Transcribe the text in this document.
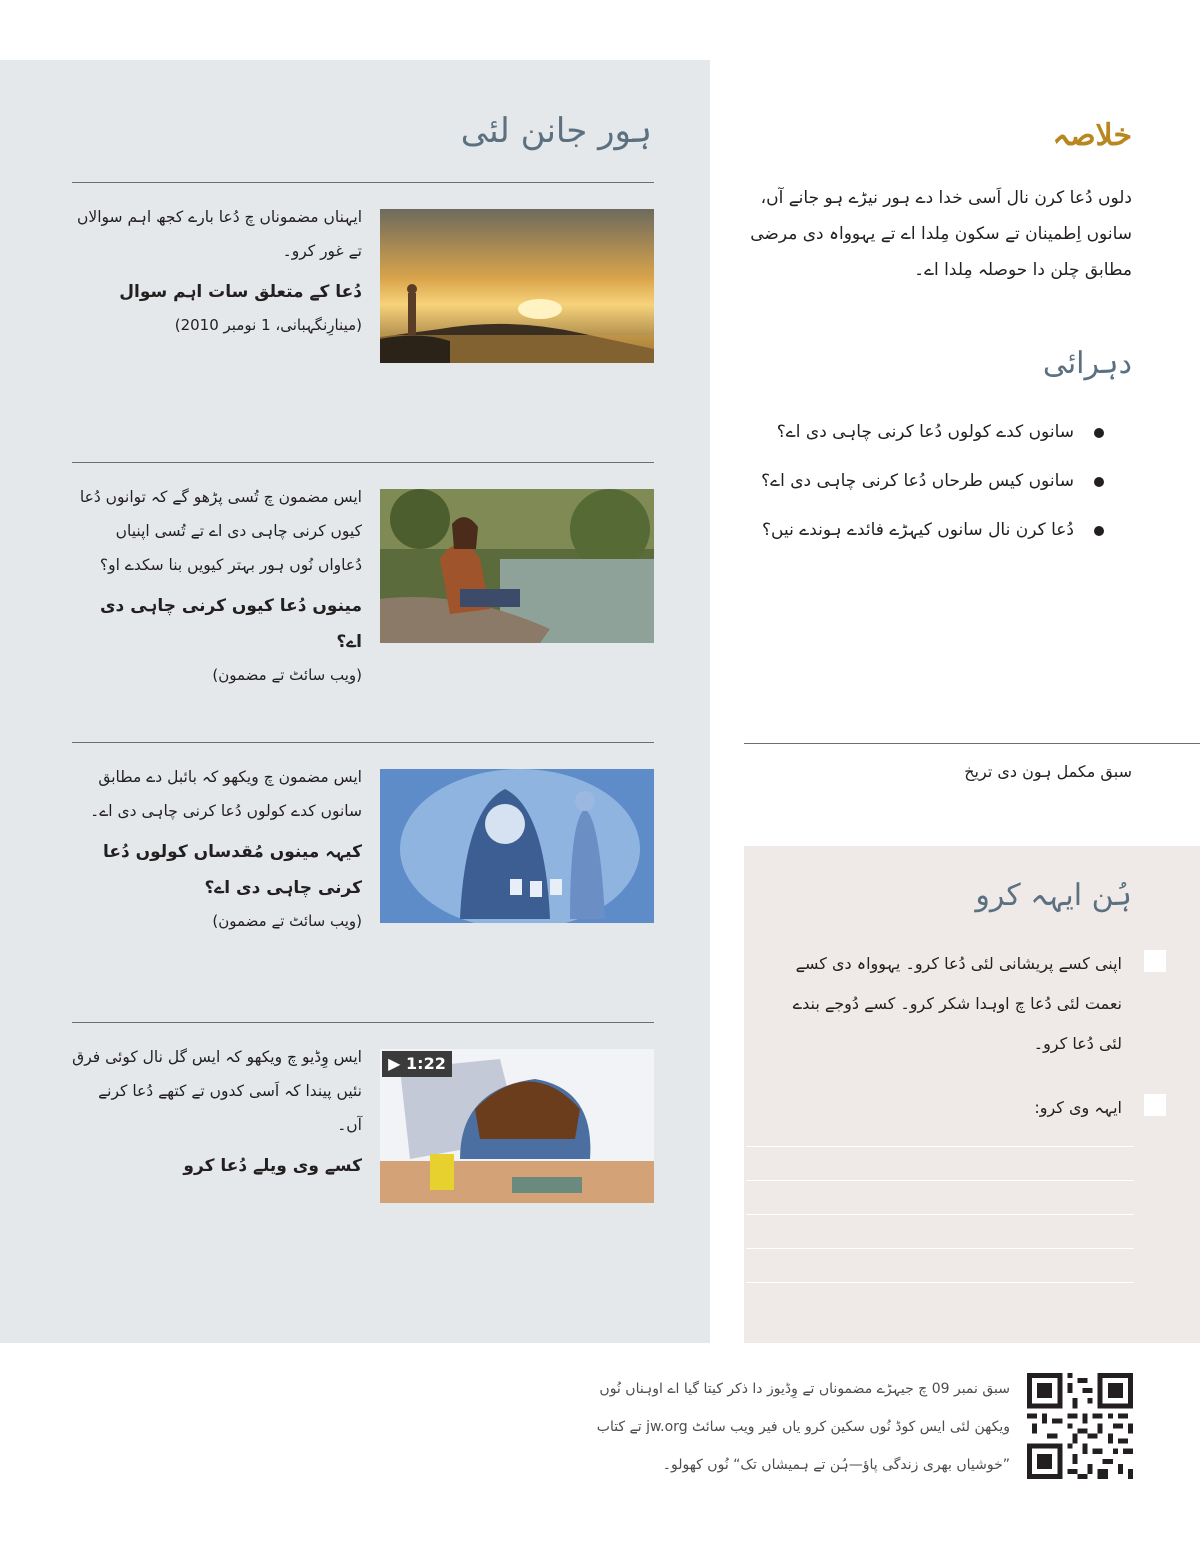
ہور جانن لئی

ایہناں مضموناں چ دُعا بارے کجھ اہم سوالاں تے غور کرو۔

دُعا کے متعلق سات اہم سوال

(مینارِنگہبانی، 1 نومبر 2010)

ایس مضمون چ تُسی پڑھو گے کہ توانوں دُعا کیوں کرنی چاہی دی اے تے تُسی اپنیاں دُعاواں نُوں ہور بہتر کیویں بنا سکدے او؟

مینوں دُعا کیوں کرنی چاہی دی اے؟

(ویب سائٹ تے مضمون)

ایس مضمون چ ویکھو کہ بائبل دے مطابق سانوں کدے کولوں دُعا کرنی چاہی دی اے۔

کیہہ مینوں مُقدساں کولوں دُعا کرنی چاہی دی اے؟

(ویب سائٹ تے مضمون)

▶ 1:22

ایس وِڈیو چ ویکھو کہ ایس گل نال کوئی فرق نئیں پیندا کہ اَسی کدوں تے کتھے دُعا کرنے آں۔

کسے وی ویلے دُعا کرو

خلاصہ

دلوں دُعا کرن نال اَسی خدا دے ہور نیڑے ہو جانے آں، سانوں اِطمینان تے سکون مِلدا اے تے یہوواہ دی مرضی مطابق چلن دا حوصلہ مِلدا اے۔

دہرائی
سانوں کدے کولوں دُعا کرنی چاہی دی اے؟
سانوں کیس طرحاں دُعا کرنی چاہی دی اے؟
دُعا کرن نال سانوں کیہڑے فائدے ہوندے نیں؟

سبق مکمل ہون دی تریخ

ہُن ایہہ کرو

اپنی کسے پریشانی لئی دُعا کرو۔ یہوواہ دی کسے نعمت لئی دُعا چ اوہدا شکر کرو۔ کسے دُوجے بندے لئی دُعا کرو۔

ایہہ وی کرو:

سبق نمبر 09 چ جیہڑے مضموناں تے وِڈیوز دا ذکر کیتا گیا اے اوہناں نُوں ویکھن لئی ایس کوڈ نُوں سکین کرو یاں فیر ویب سائٹ jw.org تے کتاب ”خوشیاں بھری زندگی پاؤ—ہُن تے ہمیشاں تک“ نُوں کھولو۔
